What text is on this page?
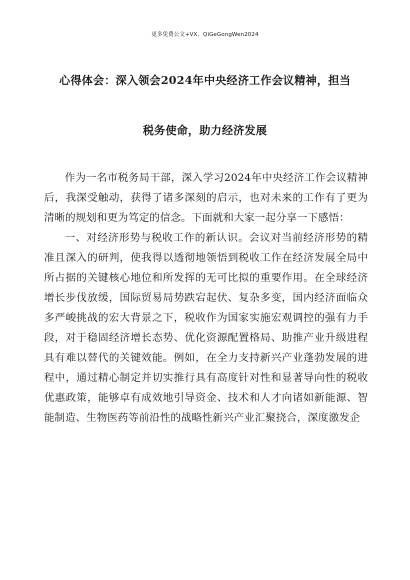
更多免费公文+VX，QiGeGongWen2024
心得体会：深入领会2024年中央经济工作会议精神，担当
税务使命，助力经济发展

作为一名市税务局干部，深入学习2024年中央经济工作会议精神后，我深受触动，获得了诸多深刻的启示，也对未来的工作有了更为清晰的规划和更为笃定的信念。下面就和大家一起分享一下感悟：

一、对经济形势与税收工作的新认识。会议对当前经济形势的精准且深入的研判，使我得以透彻地领悟到税收工作在经济发展全局中所占据的关键核心地位和所发挥的无可比拟的重要作用。在全球经济增长步伐放缓，国际贸易局势跌宕起伏、复杂多变，国内经济面临众多严峻挑战的宏大背景之下，税收作为国家实施宏观调控的强有力手段，对于稳固经济增长态势、优化资源配置格局、助推产业升级进程具有难以替代的关键效能。例如，在全力支持新兴产业蓬勃发展的进程中，通过精心制定并切实推行具有高度针对性和显著导向性的税收优惠政策，能够卓有成效地引导资金、技术和人才向诸如新能源、智能制造、生物医药等前沿性的战略性新兴产业汇聚挠合，深度激发企
